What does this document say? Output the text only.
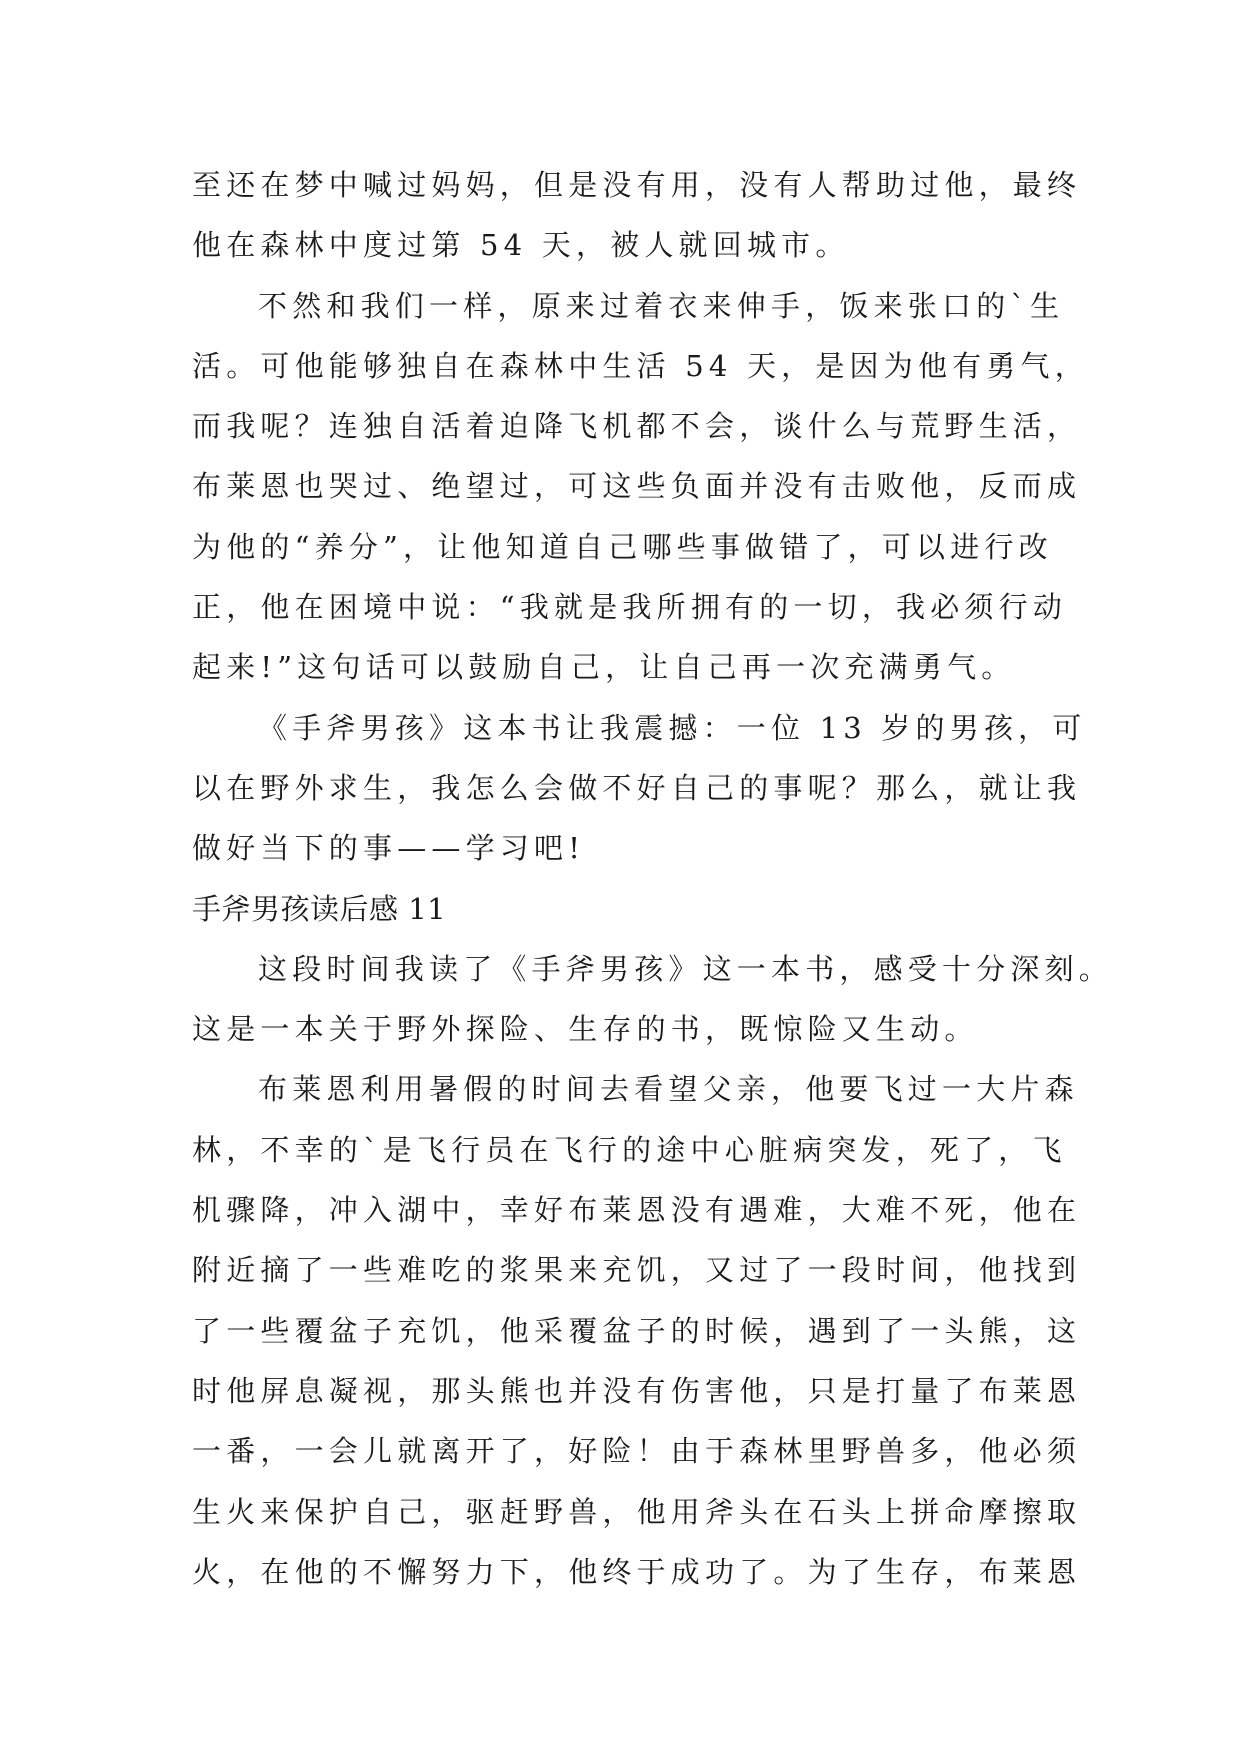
至还在梦中喊过妈妈，但是没有用，没有人帮助过他，最终
他在森林中度过第 54 天，被人就回城市。
不然和我们一样，原来过着衣来伸手，饭来张口的`生
活。可他能够独自在森林中生活 54 天，是因为他有勇气，
而我呢？连独自活着迫降飞机都不会，谈什么与荒野生活，
布莱恩也哭过、绝望过，可这些负面并没有击败他，反而成
为他的“养分”，让他知道自己哪些事做错了，可以进行改
正，他在困境中说：“我就是我所拥有的一切，我必须行动
起来!”这句话可以鼓励自己，让自己再一次充满勇气。
《手斧男孩》这本书让我震撼：一位 13 岁的男孩，可
以在野外求生，我怎么会做不好自己的事呢？那么，就让我
做好当下的事——学习吧!
手斧男孩读后感 11
这段时间我读了《手斧男孩》这一本书，感受十分深刻。
这是一本关于野外探险、生存的书，既惊险又生动。
布莱恩利用暑假的时间去看望父亲，他要飞过一大片森
林，不幸的`是飞行员在飞行的途中心脏病突发，死了，飞
机骤降，冲入湖中，幸好布莱恩没有遇难，大难不死，他在
附近摘了一些难吃的浆果来充饥，又过了一段时间，他找到
了一些覆盆子充饥，他采覆盆子的时候，遇到了一头熊，这
时他屏息凝视，那头熊也并没有伤害他，只是打量了布莱恩
一番，一会儿就离开了，好险！由于森林里野兽多，他必须
生火来保护自己，驱赶野兽，他用斧头在石头上拼命摩擦取
火，在他的不懈努力下，他终于成功了。为了生存，布莱恩
